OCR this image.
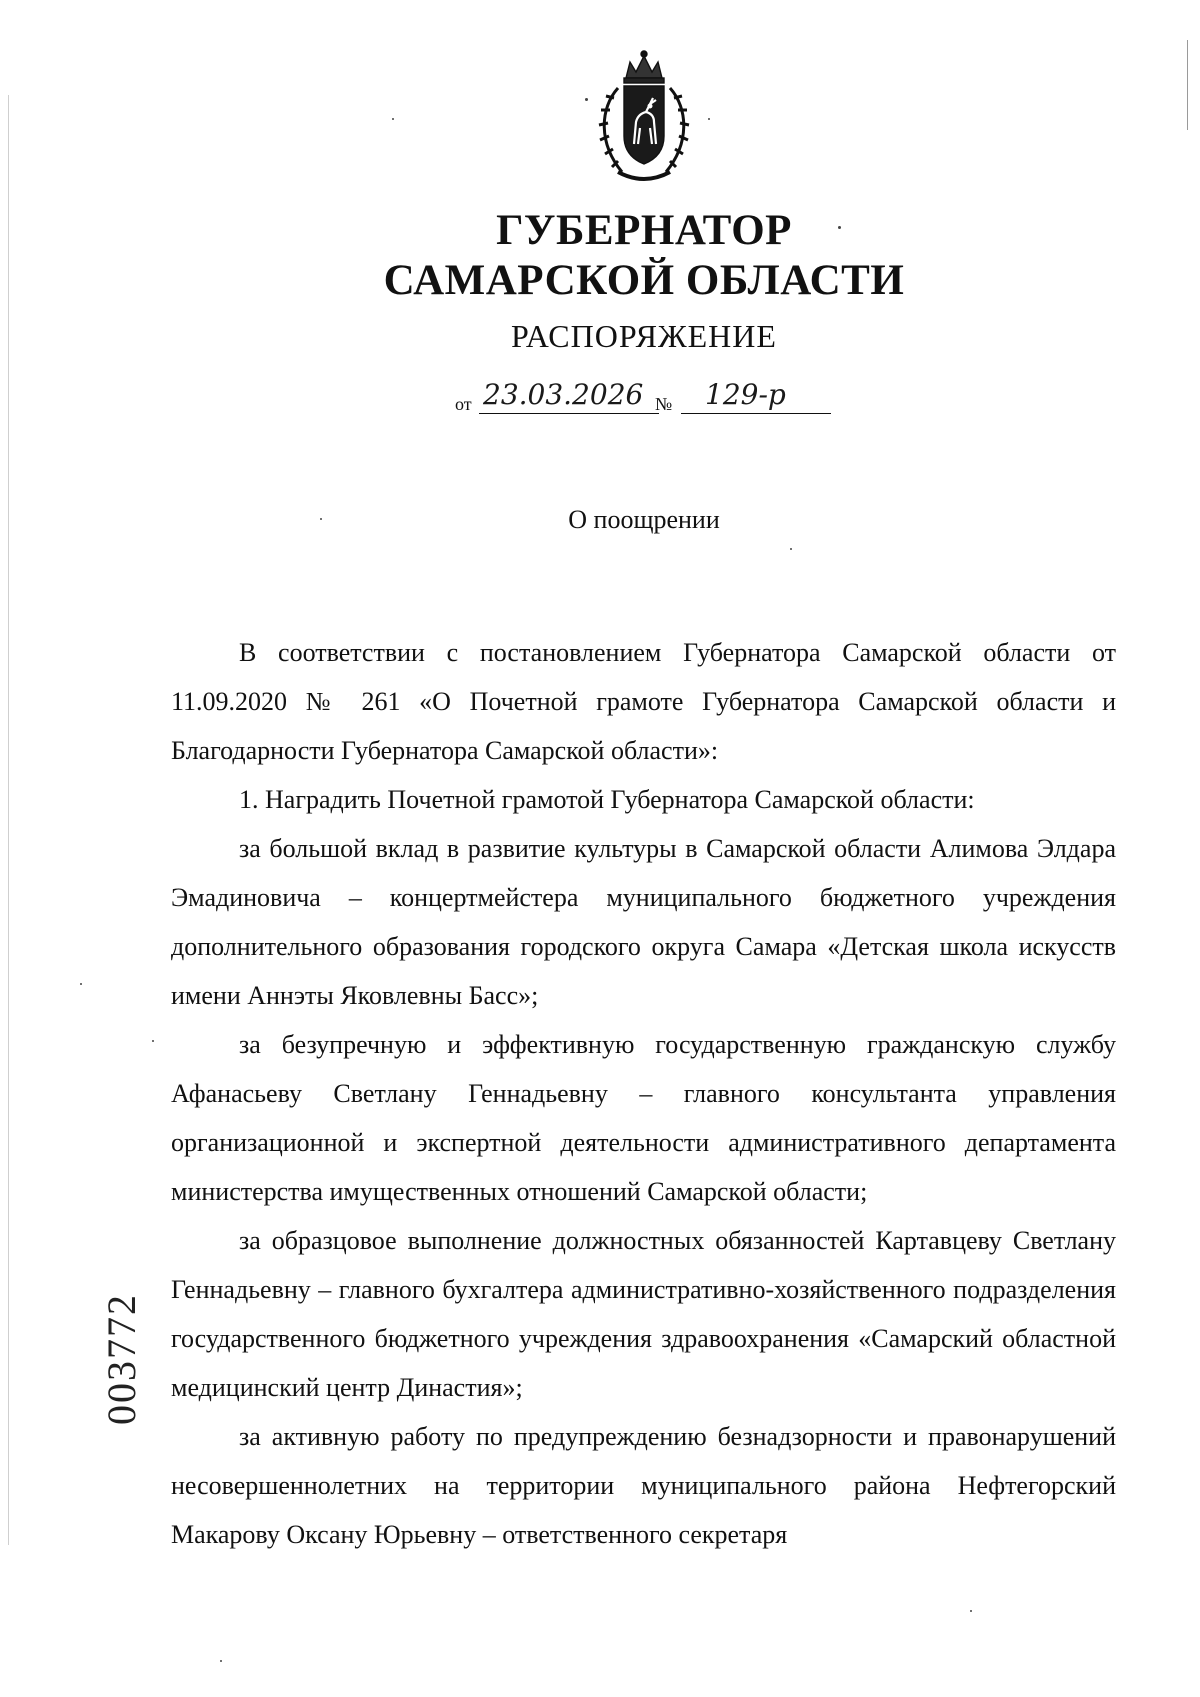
ГУБЕРНАТОР
САМАРСКОЙ ОБЛАСТИ
РАСПОРЯЖЕНИЕ
от 23.03.2026 № 129-р
О поощрении

В соответствии с постановлением Губернатора Самарской области от 11.09.2020 № 261 «О Почетной грамоте Губернатора Самарской области и Благодарности Губернатора Самарской области»:

1. Наградить Почетной грамотой Губернатора Самарской области:

за большой вклад в развитие культуры в Самарской области Алимова Элдара Эмадиновича – концертмейстера муниципального бюджетного учреждения дополнительного образования городского округа Самара «Детская школа искусств имени Аннэты Яковлевны Басс»;

за безупречную и эффективную государственную гражданскую службу Афанасьеву Светлану Геннадьевну – главного консультанта управления организационной и экспертной деятельности административного департамента министерства имущественных отношений Самарской области;

за образцовое выполнение должностных обязанностей Картавцеву Светлану Геннадьевну – главного бухгалтера административно-хозяйственного подразделения государственного бюджетного учреждения здравоохранения «Самарский областной медицинский центр Династия»;

за активную работу по предупреждению безнадзорности и правонарушений несовершеннолетних на территории муниципального района Нефтегорский Макарову Оксану Юрьевну – ответственного секретаря

003772
